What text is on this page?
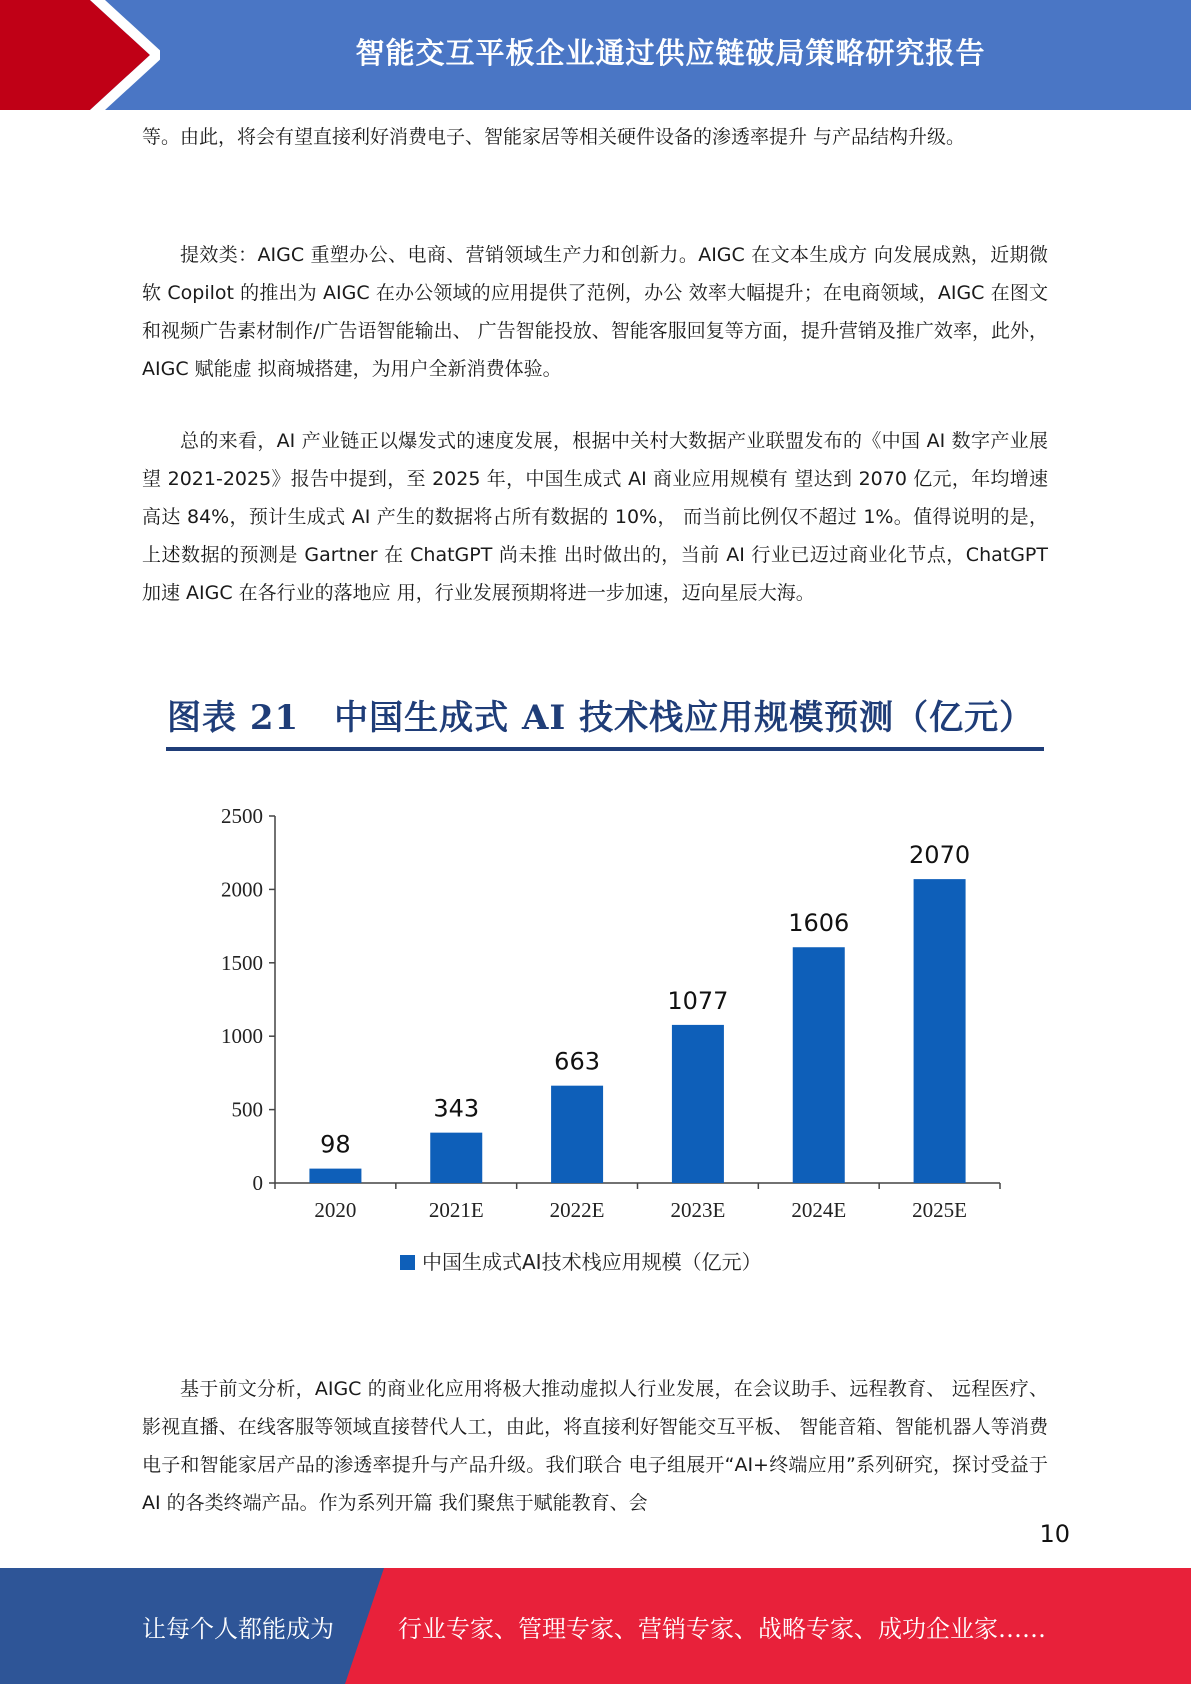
智能交互平板企业通过供应链破局策略研究报告

等。由此，将会有望直接利好消费电子、智能家居等相关硬件设备的渗透率提升 与产品结构升级。

提效类：AIGC 重塑办公、电商、营销领域生产力和创新力。AIGC 在文本生成方 向发展成熟，近期微软 Copilot 的推出为 AIGC 在办公领域的应用提供了范例，办公 效率大幅提升；在电商领域，AIGC 在图文和视频广告素材制作/广告语智能输出、 广告智能投放、智能客服回复等方面，提升营销及推广效率，此外，AIGC 赋能虚 拟商城搭建，为用户全新消费体验。

总的来看，AI 产业链正以爆发式的速度发展，根据中关村大数据产业联盟发布的《中国 AI 数字产业展望 2021-2025》报告中提到，至 2025 年，中国生成式 AI 商业应用规模有 望达到 2070 亿元，年均增速高达 84%，预计生成式 AI 产生的数据将占所有数据的 10%， 而当前比例仅不超过 1%。值得说明的是，上述数据的预测是 Gartner 在 ChatGPT 尚未推 出时做出的，当前 AI 行业已迈过商业化节点，ChatGPT 加速 AIGC 在各行业的落地应 用，行业发展预期将进一步加速，迈向星辰大海。

图表 21　中国生成式 AI 技术栈应用规模预测（亿元）
0
500
1000
1500
2000
2500
98
2020
343
2021E
663
2022E
1077
2023E
1606
2024E
2070
2025E
中国生成式AI技术栈应用规模（亿元）

基于前文分析，AIGC 的商业化应用将极大推动虚拟人行业发展，在会议助手、远程教育、 远程医疗、影视直播、在线客服等领域直接替代人工，由此，将直接利好智能交互平板、 智能音箱、智能机器人等消费电子和智能家居产品的渗透率提升与产品升级。我们联合 电子组展开“AI+终端应用”系列研究，探讨受益于 AI 的各类终端产品。作为系列开篇 我们聚焦于赋能教育、会

10
让每个人都能成为	行业专家、管理专家、营销专家、战略专家、成功企业家……
